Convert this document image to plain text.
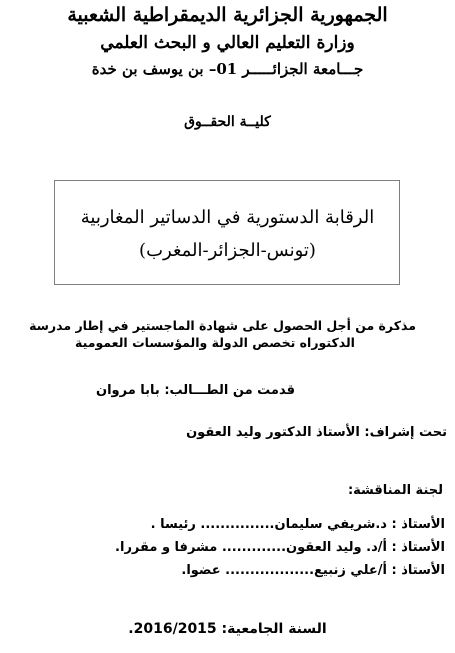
الجمهورية الجزائرية الديمقراطية الشعبية
وزارة التعليم العالي و البحث العلمي
جـــامعة الجزائـــــر 01– بن يوسف بن خدة
كليــة الحقــوق
الرقابة الدستورية في الدساتير المغاربية
(تونس-الجزائر-المغرب)
مذكرة من أجل الحصول على شهادة الماجستير في إطار مدرسة
الدكتوراه تخصص الدولة والمؤسسات العمومية
قدمت من الطـــالب: بابا مروان
تحت إشراف: الأستاذ الدكتور وليد العقون
لجنة المناقشة:
الأستاذ : د.شريفي سليمان............... رئيسا .
الأستاذ : أ/د. وليد العقون............. مشرفا و مقررا.
الأستاذ : أ/علي زنبيع.................. عضوا.
السنة الجامعية: 2016/2015.
